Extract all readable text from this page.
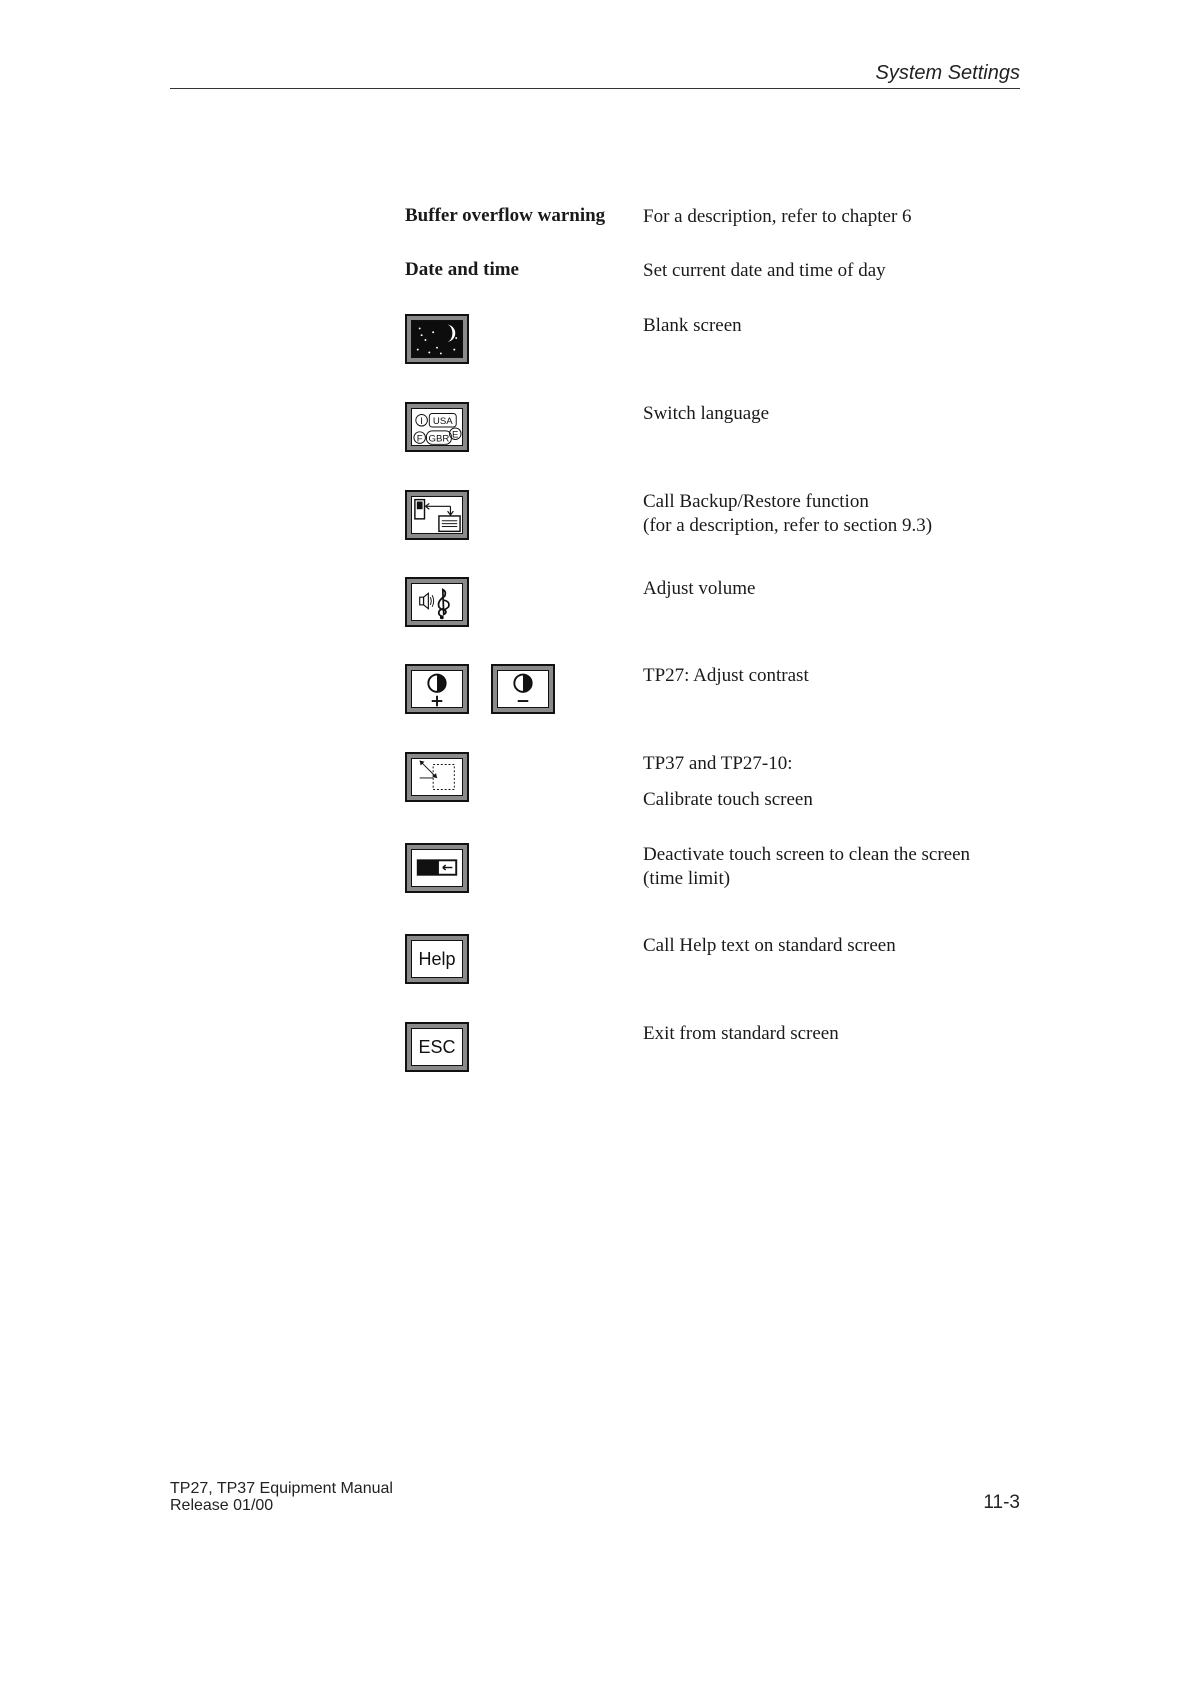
System Settings
Buffer overflow warning For a description, refer to chapter 6

Date and time	Set current date and time of day

Blank screen

I USA
F GBR E

Switch language

Call Backup/Restore function

(for a description, refer to section 9.3)

Adjust volume

TP27: Adjust contrast

TP37 and TP27-10:

Calibrate touch screen

Deactivate touch screen to clean the screen

(time limit)

Help

Call Help text on standard screen

ESC

Exit from standard screen

TP27, TP37 Equipment Manual
Release 01/00	11-3
